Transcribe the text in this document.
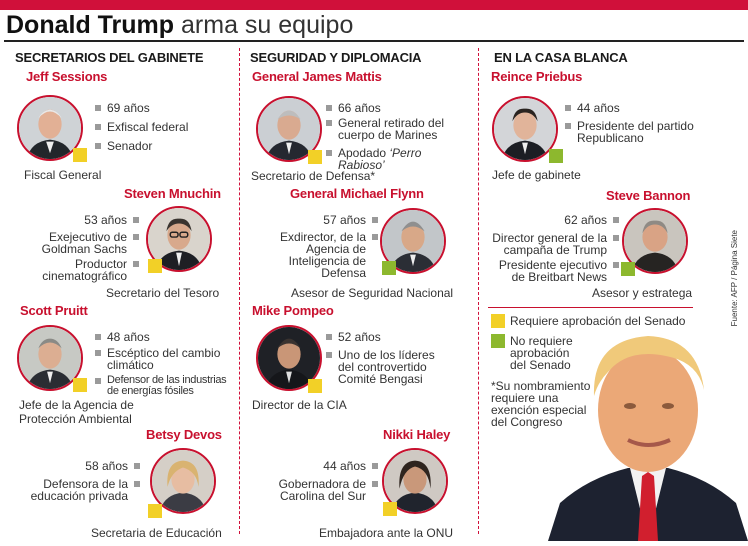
Donald Trump arma su equipo
SECRETARIOS DEL GABINETE	SEGURIDAD Y DIPLOMACIA	EN LA CASA BLANCA
Jeff Sessions
69 años
Exfiscal federal
Senador
Fiscal General
Steven Mnuchin
53 años
Exejecutivo de Goldman Sachs
Productor cinematográfico
Secretario del Tesoro
Scott Pruitt
48 años
Escéptico del cambio climático
Defensor de las industrias de energías fósiles
Jefe de la Agencia de
Protección Ambiental
Betsy Devos
58 años
Defensora de la educación privada
Secretaria de Educación
General James Mattis
66 años
General retirado del cuerpo de Marines
Apodado ‘Perro Rabioso’
Secretario de Defensa*
General Michael Flynn
57 años
Exdirector, de la Agencia de Inteligencia de Defensa
Asesor de Seguridad Nacional
Mike Pompeo
52 años
Uno de los líderes del controvertido Comité Bengasi
Director de la CIA
Nikki Haley
44 años
Gobernadora de Carolina del Sur
Embajadora ante la ONU
Reince Priebus
44 años
Presidente del partido Republicano
Jefe de gabinete
Steve Bannon
62 años
Director general de la campaña de Trump
Presidente ejecutivo de Breitbart News
Asesor y estratega
Requiere aprobación del Senado
No requiere aprobación del Senado
*Su nombramiento requiere una exención especial del Congreso
Fuente: AFP / Página Siete
